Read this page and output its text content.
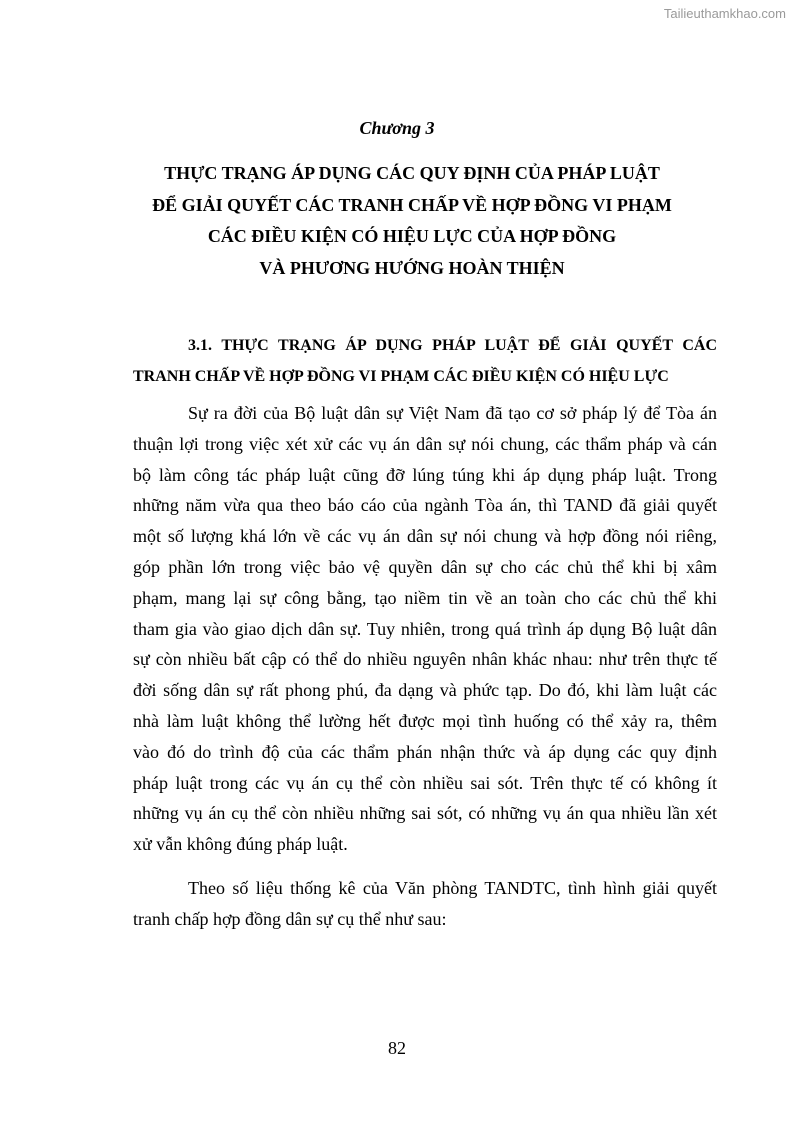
Tailieuthamkhao.com
Chương 3
THỰC TRẠNG ÁP DỤNG CÁC QUY ĐỊNH CỦA PHÁP LUẬT
ĐỂ GIẢI QUYẾT CÁC TRANH CHẤP VỀ HỢP ĐỒNG VI PHẠM
CÁC ĐIỀU KIỆN CÓ HIỆU LỰC CỦA HỢP ĐỒNG
VÀ PHƯƠNG HƯỚNG HOÀN THIỆN
3.1. THỰC TRẠNG ÁP DỤNG PHÁP LUẬT ĐỂ GIẢI QUYẾT CÁC
TRANH CHẤP VỀ HỢP ĐỒNG VI PHẠM CÁC ĐIỀU KIỆN CÓ HIỆU LỰC
Sự ra đời của Bộ luật dân sự Việt Nam đã tạo cơ sở pháp lý để Tòa án
thuận lợi trong việc xét xử các vụ án dân sự nói chung, các thẩm pháp và cán
bộ làm công tác pháp luật cũng đỡ lúng túng khi áp dụng pháp luật. Trong
những năm vừa qua theo báo cáo của ngành Tòa án, thì TAND đã giải quyết
một số lượng khá lớn về các vụ án dân sự nói chung và hợp đồng nói riêng,
góp phần lớn trong việc bảo vệ quyền dân sự cho các chủ thể khi bị xâm
phạm, mang lại sự công bằng, tạo niềm tin về an toàn cho các chủ thể khi
tham gia vào giao dịch dân sự. Tuy nhiên, trong quá trình áp dụng Bộ luật dân
sự còn nhiều bất cập có thể do nhiều nguyên nhân khác nhau: như trên thực tế
đời sống dân sự rất phong phú, đa dạng và phức tạp. Do đó, khi làm luật các
nhà làm luật không thể lường hết được mọi tình huống có thể xảy ra, thêm
vào đó do trình độ của các thẩm phán nhận thức và áp dụng các quy định
pháp luật trong các vụ án cụ thể còn nhiều sai sót. Trên thực tế có không ít
những vụ án cụ thể còn nhiều những sai sót, có những vụ án qua nhiều lần xét
xử vẫn không đúng pháp luật.
Theo số liệu thống kê của Văn phòng TANDTC, tình hình giải quyết
tranh chấp hợp đồng dân sự cụ thể như sau:
82
